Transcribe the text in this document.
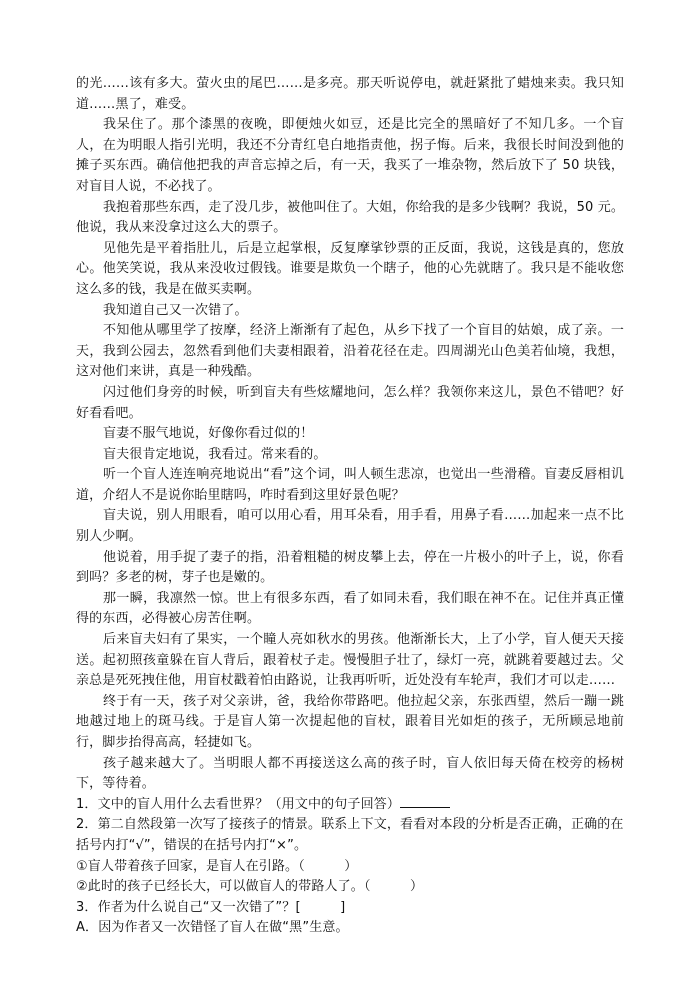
的光……该有多大。萤火虫的尾巴……是多亮。那天听说停电，就赶紧批了蜡烛来卖。我只知道……黑了，难受。

我呆住了。那个漆黑的夜晚，即便烛火如豆，还是比完全的黑暗好了不知几多。一个盲人，在为明眼人指引光明，我还不分青红皂白地指责他，拐子悔。后来，我很长时间没到他的摊子买东西。确信他把我的声音忘掉之后，有一天，我买了一堆杂物，然后放下了 50 块钱，对盲目人说，不必找了。

我抱着那些东西，走了没几步，被他叫住了。大姐，你给我的是多少钱啊？我说，50 元。他说，我从来没拿过这么大的票子。

见他先是平着指肚儿，后是立起掌根，反复摩挲钞票的正反面，我说，这钱是真的，您放心。他笑笑说，我从来没收过假钱。谁要是欺负一个瞎子，他的心先就瞎了。我只是不能收您这么多的钱，我是在做买卖啊。

我知道自己又一次错了。

不知他从哪里学了按摩，经济上渐渐有了起色，从乡下找了一个盲目的姑娘，成了亲。一天，我到公园去，忽然看到他们夫妻相跟着，沿着花径在走。四周湖光山色美若仙境，我想，这对他们来讲，真是一种残酷。

闪过他们身旁的时候，听到盲夫有些炫耀地问，怎么样？我领你来这儿，景色不错吧？好好看看吧。

盲妻不服气地说，好像你看过似的！

盲夫很肯定地说，我看过。常来看的。

听一个盲人连连响亮地说出“看”这个词，叫人顿生悲凉，也觉出一些滑稽。盲妻反唇相讥道，介绍人不是说你眙里瞎吗，咋时看到这里好景色呢？

盲夫说，别人用眼看，咱可以用心看，用耳朵看，用手看，用鼻子看……加起来一点不比别人少啊。

他说着，用手捉了妻子的指，沿着粗糙的树皮攀上去，停在一片极小的叶子上，说，你看到吗？多老的树，芽子也是嫩的。

那一瞬，我凛然一惊。世上有很多东西，看了如同未看，我们眼在神不在。记住并真正懂得的东西，必得被心房苦住啊。

后来盲夫妇有了果实，一个瞳人亮如秋水的男孩。他渐渐长大，上了小学，盲人便天天接送。起初照孩童躲在盲人背后，跟着杖子走。慢慢胆子壮了，绿灯一亮，就跳着要越过去。父亲总是死死拽住他，用盲杖戳着怕由路说，让我再听听，近处没有车轮声，我们才可以走……

终于有一天，孩子对父亲讲，爸，我给你带路吧。他拉起父亲，东张西望，然后一蹦一跳地越过地上的斑马线。于是盲人第一次提起他的盲杖，跟着目光如炬的孩子，无所顾忌地前行，脚步抬得高高，轻捷如飞。

孩子越来越大了。当明眼人都不再接送这么高的孩子时，盲人依旧每天倚在校旁的杨树下，等待着。

1．文中的盲人用什么去看世界？（用文中的句子回答）

2．第二自然段第一次写了接孩子的情景。联系上下文，看看对本段的分析是否正确，正确的在括号内打“√”，错误的在括号内打“×”。

①盲人带着孩子回家，是盲人在引路。（　　　）

②此时的孩子已经长大，可以做盲人的带路人了。（　　　）

3．作者为什么说自己“又一次错了”？[　　　]

A．因为作者又一次错怪了盲人在做“黑”生意。
